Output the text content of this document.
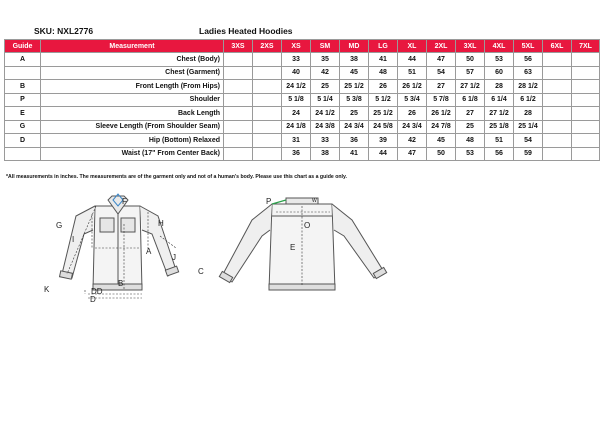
SKU: NXL2776	Ladies Heated Hoodies
Guide	Measurement	3XS	2XS	XS	SM	MD	LG	XL	2XL	3XL	4XL	5XL	6XL	7XL
A	Chest (Body)			33	35	38	41	44	47	50	53	56		
	Chest (Garment)			40	42	45	48	51	54	57	60	63		
B	Front Length (From Hips)			24 1/2	25	25 1/2	26	26 1/2	27	27 1/2	28	28 1/2		
P	Shoulder			5 1/8	5 1/4	5 3/8	5 1/2	5 3/4	5 7/8	6 1/8	6 1/4	6 1/2		
E	Back Length			24	24 1/2	25	25 1/2	26	26 1/2	27	27 1/2	28		
G	Sleeve Length (From Shoulder Seam)			24 1/8	24 3/8	24 3/4	24 5/8	24 3/4	24 7/8	25	25 1/8	25 1/4		
D	Hip (Bottom) Relaxed			31	33	36	39	42	45	48	51	54		
	Waist (17" From Center Back)			36	38	41	44	47	50	53	56	59		
*All measurements in inches. The measurements are of the garment only and not of a human's body. Please use this chart as a guide only.
G
I
H
A
J
C
K
B
DD
D
F	P	W
O
E
